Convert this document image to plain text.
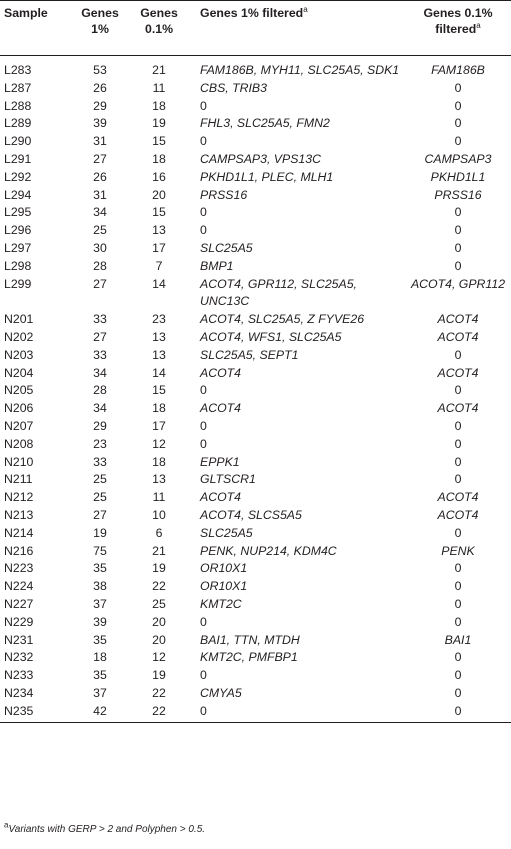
Sample	Genes 1%	Genes 0.1%	Genes 1% filtered$^a$	Genes 0.1% filtered$^a$
L283	53	21	FAM186B, MYH11, SLC25A5, SDK1	FAM186B
L287	26	11	CBS, TRIB3	0
L288	29	18	0	0
L289	39	19	FHL3, SLC25A5, FMN2	0
L290	31	15	0	0
L291	27	18	CAMPSAP3, VPS13C	CAMPSAP3
L292	26	16	PKHD1L1, PLEC, MLH1	PKHD1L1
L294	31	20	PRSS16	PRSS16
L295	34	15	0	0
L296	25	13	0	0
L297	30	17	SLC25A5	0
L298	28	7	BMP1	0
L299	27	14	ACOT4, GPR112, SLC25A5, UNC13C	ACOT4, GPR112
N201	33	23	ACOT4, SLC25A5, Z FYVE26	ACOT4
N202	27	13	ACOT4, WFS1, SLC25A5	ACOT4
N203	33	13	SLC25A5, SEPT1	0
N204	34	14	ACOT4	ACOT4
N205	28	15	0	0
N206	34	18	ACOT4	ACOT4
N207	29	17	0	0
N208	23	12	0	0
N210	33	18	EPPK1	0
N211	25	13	GLTSCR1	0
N212	25	11	ACOT4	ACOT4
N213	27	10	ACOT4, SLCS5A5	ACOT4
N214	19	6	SLC25A5	0
N216	75	21	PENK, NUP214, KDM4C	PENK
N223	35	19	OR10X1	0
N224	38	22	OR10X1	0
N227	37	25	KMT2C	0
N229	39	20	0	0
N231	35	20	BAI1, TTN, MTDH	BAI1
N232	18	12	KMT2C, PMFBP1	0
N233	35	19	0	0
N234	37	22	CMYA5	0
N235	42	22	0	0
$^a$Variants with GERP > 2 and Polyphen > 0.5.
